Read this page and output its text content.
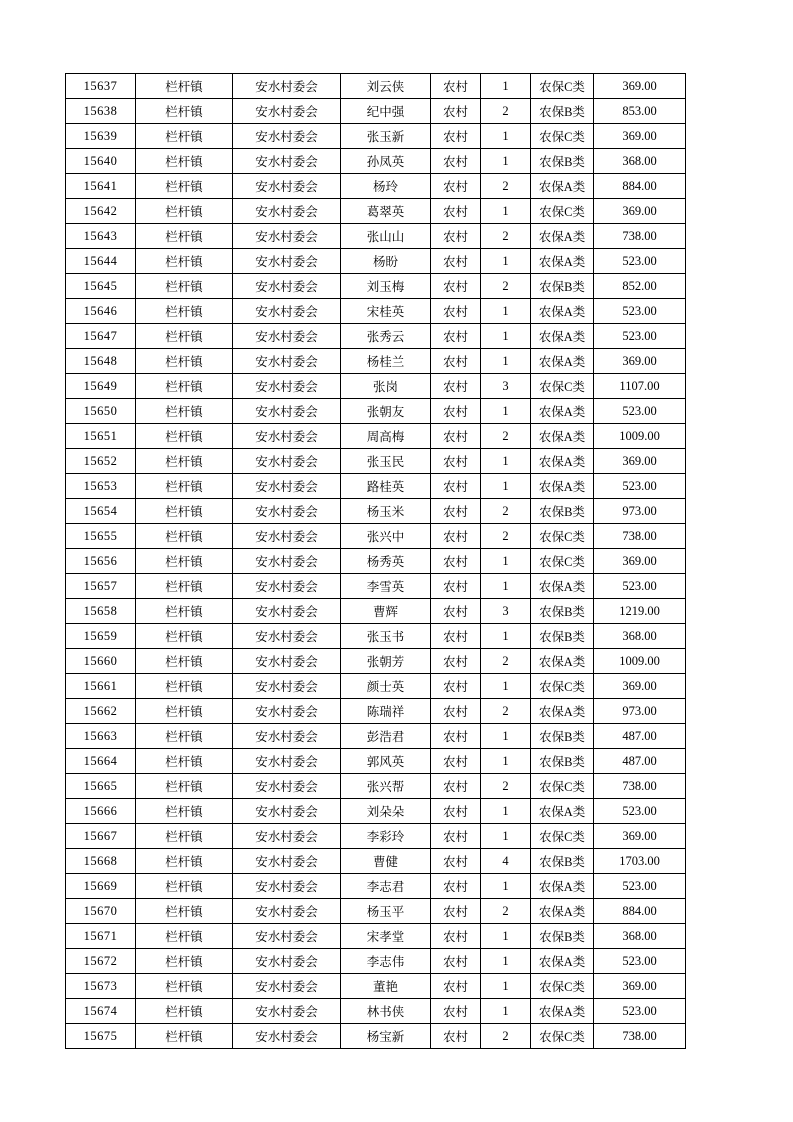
15637	栏杆镇	安水村委会	刘云侠	农村	1	农保C类	369.00
15638	栏杆镇	安水村委会	纪中强	农村	2	农保B类	853.00
15639	栏杆镇	安水村委会	张玉新	农村	1	农保C类	369.00
15640	栏杆镇	安水村委会	孙凤英	农村	1	农保B类	368.00
15641	栏杆镇	安水村委会	杨玲	农村	2	农保A类	884.00
15642	栏杆镇	安水村委会	葛翠英	农村	1	农保C类	369.00
15643	栏杆镇	安水村委会	张山山	农村	2	农保A类	738.00
15644	栏杆镇	安水村委会	杨盼	农村	1	农保A类	523.00
15645	栏杆镇	安水村委会	刘玉梅	农村	2	农保B类	852.00
15646	栏杆镇	安水村委会	宋桂英	农村	1	农保A类	523.00
15647	栏杆镇	安水村委会	张秀云	农村	1	农保A类	523.00
15648	栏杆镇	安水村委会	杨桂兰	农村	1	农保A类	369.00
15649	栏杆镇	安水村委会	张岗	农村	3	农保C类	1107.00
15650	栏杆镇	安水村委会	张朝友	农村	1	农保A类	523.00
15651	栏杆镇	安水村委会	周高梅	农村	2	农保A类	1009.00
15652	栏杆镇	安水村委会	张玉民	农村	1	农保A类	369.00
15653	栏杆镇	安水村委会	路桂英	农村	1	农保A类	523.00
15654	栏杆镇	安水村委会	杨玉米	农村	2	农保B类	973.00
15655	栏杆镇	安水村委会	张兴中	农村	2	农保C类	738.00
15656	栏杆镇	安水村委会	杨秀英	农村	1	农保C类	369.00
15657	栏杆镇	安水村委会	李雪英	农村	1	农保A类	523.00
15658	栏杆镇	安水村委会	曹辉	农村	3	农保B类	1219.00
15659	栏杆镇	安水村委会	张玉书	农村	1	农保B类	368.00
15660	栏杆镇	安水村委会	张朝芳	农村	2	农保A类	1009.00
15661	栏杆镇	安水村委会	颜士英	农村	1	农保C类	369.00
15662	栏杆镇	安水村委会	陈瑞祥	农村	2	农保A类	973.00
15663	栏杆镇	安水村委会	彭浩君	农村	1	农保B类	487.00
15664	栏杆镇	安水村委会	郭风英	农村	1	农保B类	487.00
15665	栏杆镇	安水村委会	张兴帮	农村	2	农保C类	738.00
15666	栏杆镇	安水村委会	刘朵朵	农村	1	农保A类	523.00
15667	栏杆镇	安水村委会	李彩玲	农村	1	农保C类	369.00
15668	栏杆镇	安水村委会	曹健	农村	4	农保B类	1703.00
15669	栏杆镇	安水村委会	李志君	农村	1	农保A类	523.00
15670	栏杆镇	安水村委会	杨玉平	农村	2	农保A类	884.00
15671	栏杆镇	安水村委会	宋孝堂	农村	1	农保B类	368.00
15672	栏杆镇	安水村委会	李志伟	农村	1	农保A类	523.00
15673	栏杆镇	安水村委会	董艳	农村	1	农保C类	369.00
15674	栏杆镇	安水村委会	林书侠	农村	1	农保A类	523.00
15675	栏杆镇	安水村委会	杨宝新	农村	2	农保C类	738.00
